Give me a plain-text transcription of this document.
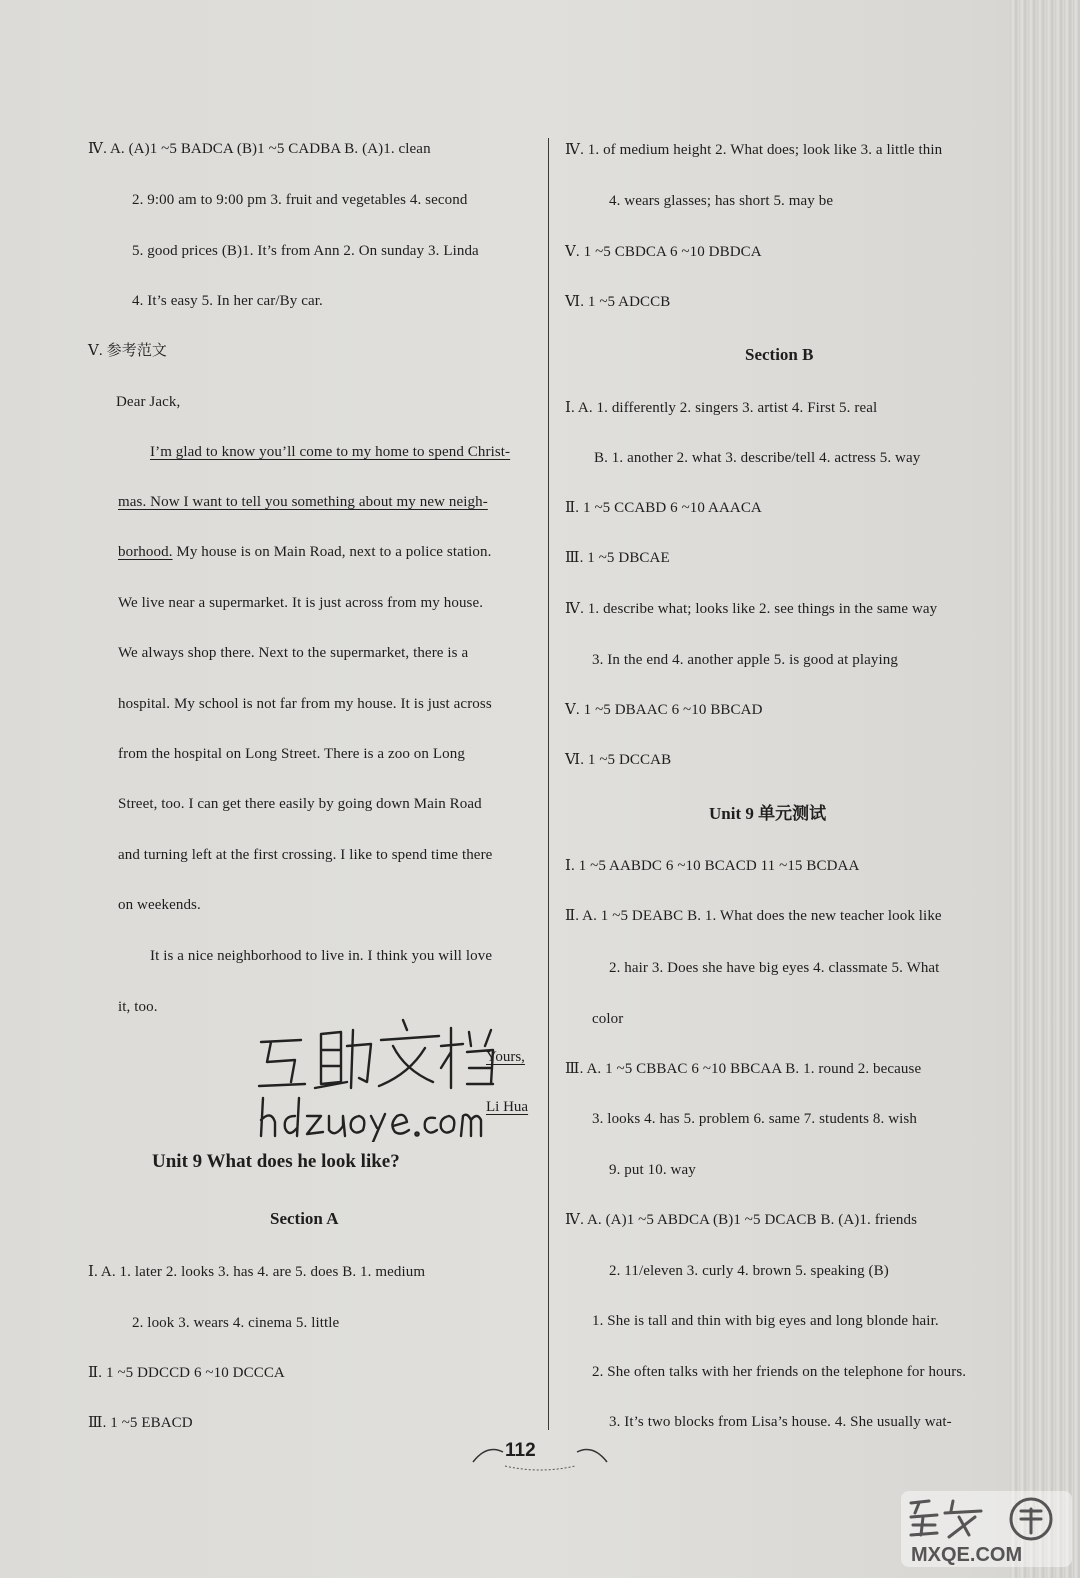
Ⅳ. A. (A)1 ~5 BADCA (B)1 ~5 CADBA B. (A)1. clean
2. 9:00 am to 9:00 pm 3. fruit and vegetables 4. second
5. good prices (B)1. It’s from Ann 2. On sunday 3. Linda
4. It’s easy 5. In her car/By car.
Ⅴ. 参考范文
Dear Jack,
I’m glad to know you’ll come to my home to spend Christ-
mas. Now I want to tell you something about my new neigh-
borhood. My house is on Main Road, next to a police station.
We live near a supermarket. It is just across from my house.
We always shop there. Next to the supermarket, there is a
hospital. My school is not far from my house. It is just across
from the hospital on Long Street. There is a zoo on Long
Street, too. I can get there easily by going down Main Road
and turning left at the first crossing. I like to spend time there
on weekends.
It is a nice neighborhood to live in. I think you will love
it, too.
Yours,
Li Hua
Unit 9 What does he look like?
Section A
Ⅰ. A. 1. later 2. looks 3. has 4. are 5. does B. 1. medium
2. look 3. wears 4. cinema 5. little
Ⅱ. 1 ~5 DDCCD 6 ~10 DCCCA
Ⅲ. 1 ~5 EBACD
Ⅳ. 1. of medium height 2. What does; look like 3. a little thin
4. wears glasses; has short 5. may be
Ⅴ. 1 ~5 CBDCA 6 ~10 DBDCA
Ⅵ. 1 ~5 ADCCB
Section B
Ⅰ. A. 1. differently 2. singers 3. artist 4. First 5. real
B. 1. another 2. what 3. describe/tell 4. actress 5. way
Ⅱ. 1 ~5 CCABD 6 ~10 AAACA
Ⅲ. 1 ~5 DBCAE
Ⅳ. 1. describe what; looks like 2. see things in the same way
3. In the end 4. another apple 5. is good at playing
Ⅴ. 1 ~5 DBAAC 6 ~10 BBCAD
Ⅵ. 1 ~5 DCCAB
Unit 9 单元测试
Ⅰ. 1 ~5 AABDC 6 ~10 BCACD 11 ~15 BCDAA
Ⅱ. A. 1 ~5 DEABC B. 1. What does the new teacher look like
2. hair 3. Does she have big eyes 4. classmate 5. What
color
Ⅲ. A. 1 ~5 CBBAC 6 ~10 BBCAA B. 1. round 2. because
3. looks 4. has 5. problem 6. same 7. students 8. wish
9. put 10. way
Ⅳ. A. (A)1 ~5 ABDCA (B)1 ~5 DCACB B. (A)1. friends
2. 11/eleven 3. curly 4. brown 5. speaking (B)
1. She is tall and thin with big eyes and long blonde hair.
2. She often talks with her friends on the telephone for hours.
3. It’s two blocks from Lisa’s house. 4. She usually wat-
112
MXQE.COM
